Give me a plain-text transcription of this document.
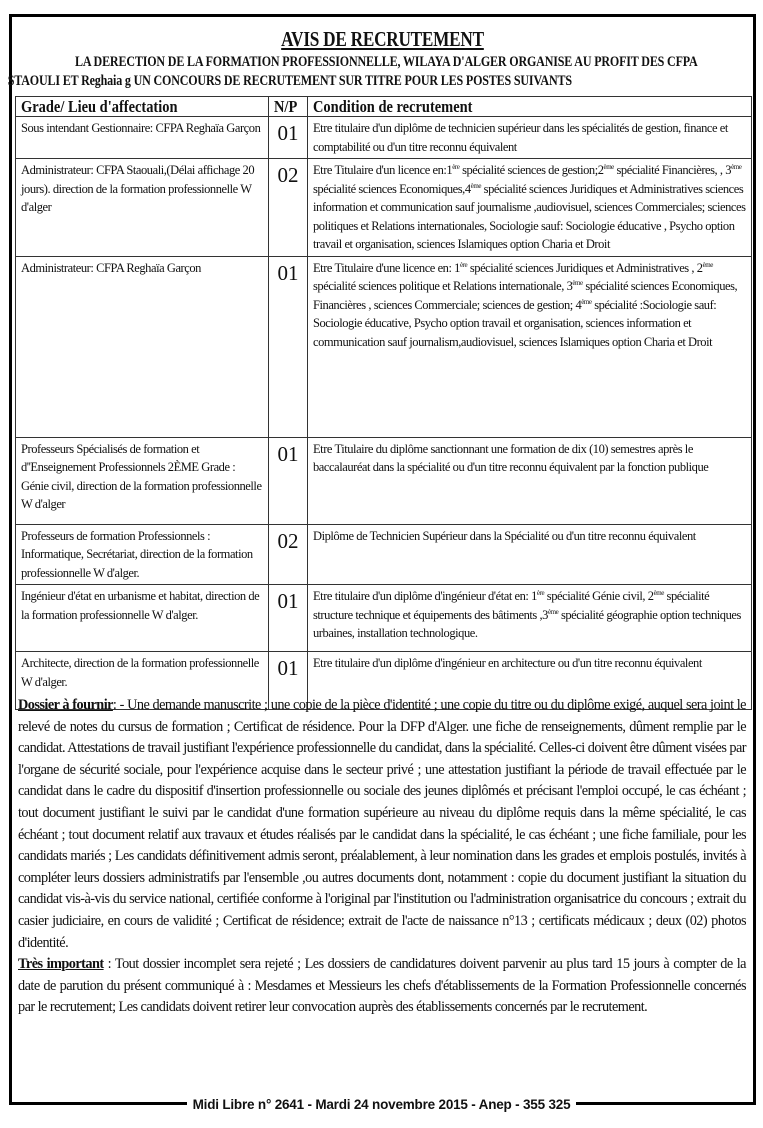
AVIS DE RECRUTEMENT
LA DERECTION DE LA FORMATION PROFESSIONNELLE, WILAYA D'ALGER ORGANISE AU PROFIT DES CFPA
STAOULI ET Reghaia g UN CONCOURS DE RECRUTEMENT SUR TITRE POUR LES POSTES SUIVANTS
Grade/ Lieu d'affectation	N/P	Condition de recrutement
Sous intendant Gestionnaire: CFPA Reghaïa Garçon	01	Etre titulaire d'un diplôme de technicien supérieur dans les spécialités de gestion, finance et comptabilité ou d'un titre reconnu équivalent
Administrateur: CFPA Staouali,(Délai affichage 20 jours). direction de la formation professionnelle W d'alger	02	Etre Titulaire d'un licence en:1ère spécialité sciences de gestion;2ème spécialité Financières, , 3ème spécialité sciences Economiques,4ème spécialité sciences Juridiques et Administratives sciences information et communication sauf journalisme ,audiovisuel, sciences Commerciales; sciences politiques et Relations internationales, Sociologie sauf: Sociologie éducative , Psycho option travail et organisation, sciences Islamiques option Charia et Droit
Administrateur: CFPA Reghaïa Garçon	01	Etre Titulaire d'une licence en: 1ère spécialité sciences Juridiques et Administratives , 2ème spécialité sciences politique et Relations internationale, 3ème spécialité sciences Economiques, Financières , sciences Commerciale; sciences de gestion; 4ème spécialité :Sociologie sauf: Sociologie éducative, Psycho option travail et organisation, sciences information et communication sauf journalism,audiovisuel, sciences Islamiques option Charia et Droit
Professeurs Spécialisés de formation et d''Enseignement Professionnels 2ÈME Grade : Génie civil, direction de la formation professionnelle W d'alger	01	Etre Titulaire du diplôme sanctionnant une formation de dix (10) semestres après le baccalauréat dans la spécialité ou d'un titre reconnu équivalent par la fonction publique
Professeurs de formation Professionnels : Informatique, Secrétariat, direction de la formation professionnelle W d'alger.	02	Diplôme de Technicien Supérieur dans la Spécialité ou d'un titre reconnu équivalent
Ingénieur d'état en urbanisme et habitat, direction de la formation professionnelle W d'alger.	01	Etre titulaire d'un diplôme d'ingénieur d'état en: 1ère spécialité Génie civil, 2ème spécialité structure technique et équipements des bâtiments ,3ème spécialité géographie option techniques urbaines, installation technologique.
Architecte, direction de la formation professionnelle W d'alger.	01	Etre titulaire d'un diplôme d'ingénieur en architecture ou d'un titre reconnu équivalent
Dossier à fournir: - Une demande manuscrite ; une copie de la pièce d'identité ; une copie du titre ou du diplôme exigé, auquel sera joint le relevé de notes du cursus de formation ; Certificat de résidence. Pour la DFP d'Alger. une fiche de renseignements, dûment remplie par le candidat. Attestations de travail justifiant l'expérience professionnelle du candidat, dans la spécialité. Celles-ci doivent être dûment visées par l'organe de sécurité sociale, pour l'expérience acquise dans le secteur privé ; une attestation justifiant la période de travail effectuée par le candidat dans le cadre du dispositif d'insertion professionnelle ou sociale des jeunes diplômés et précisant l'emploi occupé, le cas échéant ; tout document justifiant le suivi par le candidat d'une formation supérieure au niveau du diplôme requis dans la même spécialité, le cas échéant ; tout document relatif aux travaux et études réalisés par le candidat dans la spécialité, le cas échéant ; une fiche familiale, pour les candidats mariés ; Les candidats définitivement admis seront, préalablement, à leur nomination dans les grades et emplois postulés, invités à compléter leurs dossiers administratifs par l'ensemble ,ou autres documents dont, notamment : copie du document justifiant la situation du candidat vis-à-vis du service national, certifiée conforme à l'original par l'institution ou l'administration organisatrice du concours ; extrait du casier judiciaire, en cours de validité ; Certificat de résidence; extrait de l'acte de naissance n°13 ; certificats médicaux ; deux (02) photos d'identité.
Très important : Tout dossier incomplet sera rejeté ; Les dossiers de candidatures doivent parvenir au plus tard 15 jours à compter de la date de parution du présent communiqué à : Mesdames et Messieurs les chefs d'établissements de la Formation Professionnelle concernés par le recrutement; Les candidats doivent retirer leur convocation auprès des établissements concernés par le recrutement.
Midi Libre n° 2641 - Mardi 24 novembre 2015 - Anep - 355 325
